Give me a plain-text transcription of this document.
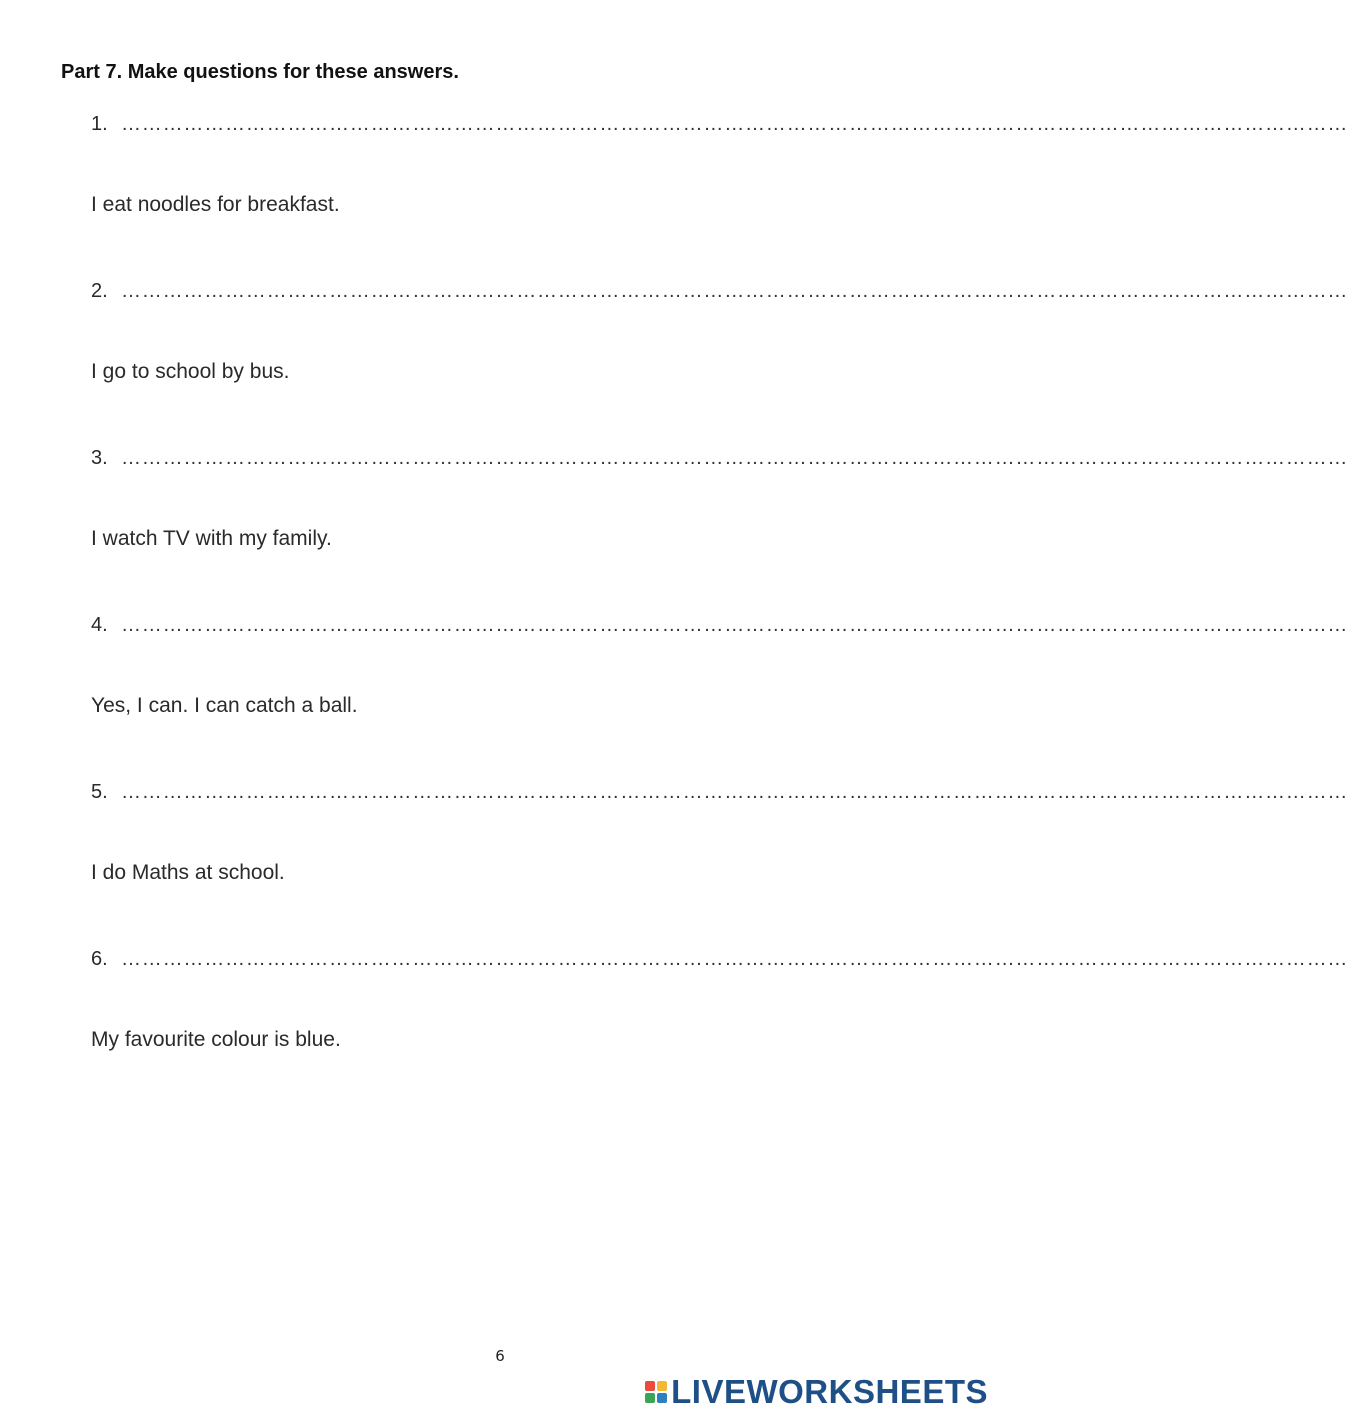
Part 7. Make questions for these answers.
1. ……………………………………………………………………………………………………………………………………………………………
I eat noodles for breakfast.
2. ……………………………………………………………………………………………………………………………………………………………
I go to school by bus.
3. ……………………………………………………………………………………………………………………………………………………………
I watch TV with my family.
4. ……………………………………………………………………………………………………………………………………………………………
Yes, I can. I can catch a ball.
5. ……………………………………………………………………………………………………………………………………………………………
I do Maths at school.
6. ……………………………………………………………………………………………………………………………………………………………
My favourite colour is blue.
6
LIVEWORKSHEETS
